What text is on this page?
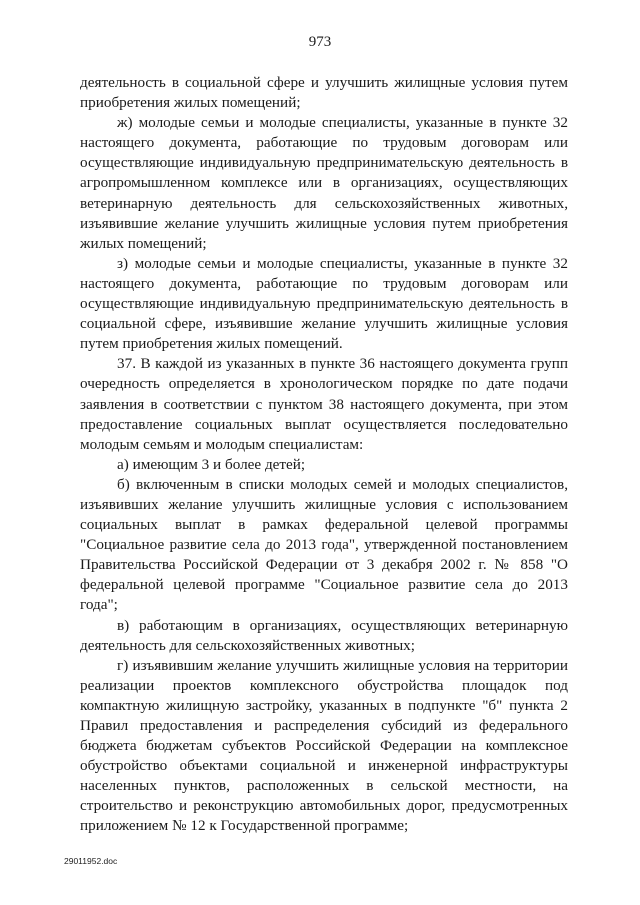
973

деятельность в социальной сфере и улучшить жилищные условия путем приобретения жилых помещений;

ж) молодые семьи и молодые специалисты, указанные в пункте 32 настоящего документа, работающие по трудовым договорам или осуществляющие индивидуальную предпринимательскую деятельность в агропромышленном комплексе или в организациях, осуществляющих ветеринарную деятельность для сельскохозяйственных животных, изъявившие желание улучшить жилищные условия путем приобретения жилых помещений;

з) молодые семьи и молодые специалисты, указанные в пункте 32 настоящего документа, работающие по трудовым договорам или осуществляющие индивидуальную предпринимательскую деятельность в социальной сфере, изъявившие желание улучшить жилищные условия путем приобретения жилых помещений.

37. В каждой из указанных в пункте 36 настоящего документа групп очередность определяется в хронологическом порядке по дате подачи заявления в соответствии с пунктом 38 настоящего документа, при этом предоставление социальных выплат осуществляется последовательно молодым семьям и молодым специалистам:

а) имеющим 3 и более детей;

б) включенным в списки молодых семей и молодых специалистов, изъявивших желание улучшить жилищные условия с использованием социальных выплат в рамках федеральной целевой программы "Социальное развитие села до 2013 года", утвержденной постановлением Правительства Российской Федерации от 3 декабря 2002 г. № 858 "О федеральной целевой программе "Социальное развитие села до 2013 года";

в) работающим в организациях, осуществляющих ветеринарную деятельность для сельскохозяйственных животных;

г) изъявившим желание улучшить жилищные условия на территории реализации проектов комплексного обустройства площадок под компактную жилищную застройку, указанных в подпункте "б" пункта 2 Правил предоставления и распределения субсидий из федерального бюджета бюджетам субъектов Российской Федерации на комплексное обустройство объектами социальной и инженерной инфраструктуры населенных пунктов, расположенных в сельской местности, на строительство и реконструкцию автомобильных дорог, предусмотренных приложением № 12 к Государственной программе;

29011952.doc
